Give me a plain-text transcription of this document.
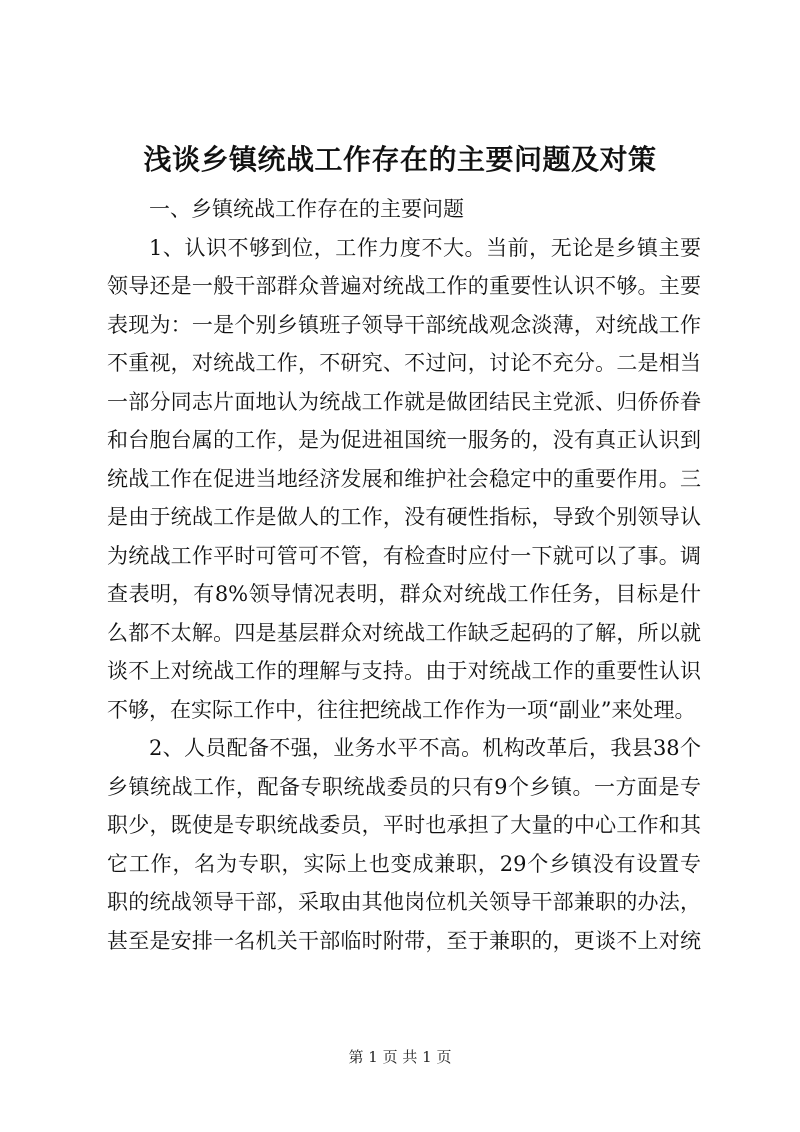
浅谈乡镇统战工作存在的主要问题及对策
一、乡镇统战工作存在的主要问题
1、认识不够到位，工作力度不大。当前，无论是乡镇主要
领导还是一般干部群众普遍对统战工作的重要性认识不够。主要
表现为：一是个别乡镇班子领导干部统战观念淡薄，对统战工作
不重视，对统战工作，不研究、不过问，讨论不充分。二是相当
一部分同志片面地认为统战工作就是做团结民主党派、归侨侨眷
和台胞台属的工作，是为促进祖国统一服务的，没有真正认识到
统战工作在促进当地经济发展和维护社会稳定中的重要作用。三
是由于统战工作是做人的工作，没有硬性指标，导致个别领导认
为统战工作平时可管可不管，有检查时应付一下就可以了事。调
查表明，有8%领导情况表明，群众对统战工作任务，目标是什
么都不太解。四是基层群众对统战工作缺乏起码的了解，所以就
谈不上对统战工作的理解与支持。由于对统战工作的重要性认识
不够，在实际工作中，往往把统战工作作为一项“副业”来处理。
2、人员配备不强，业务水平不高。机构改革后，我县38个
乡镇统战工作，配备专职统战委员的只有9个乡镇。一方面是专
职少，既使是专职统战委员，平时也承担了大量的中心工作和其
它工作，名为专职，实际上也变成兼职，29个乡镇没有设置专
职的统战领导干部，采取由其他岗位机关领导干部兼职的办法，
甚至是安排一名机关干部临时附带，至于兼职的，更谈不上对统
第 1 页 共 1 页
